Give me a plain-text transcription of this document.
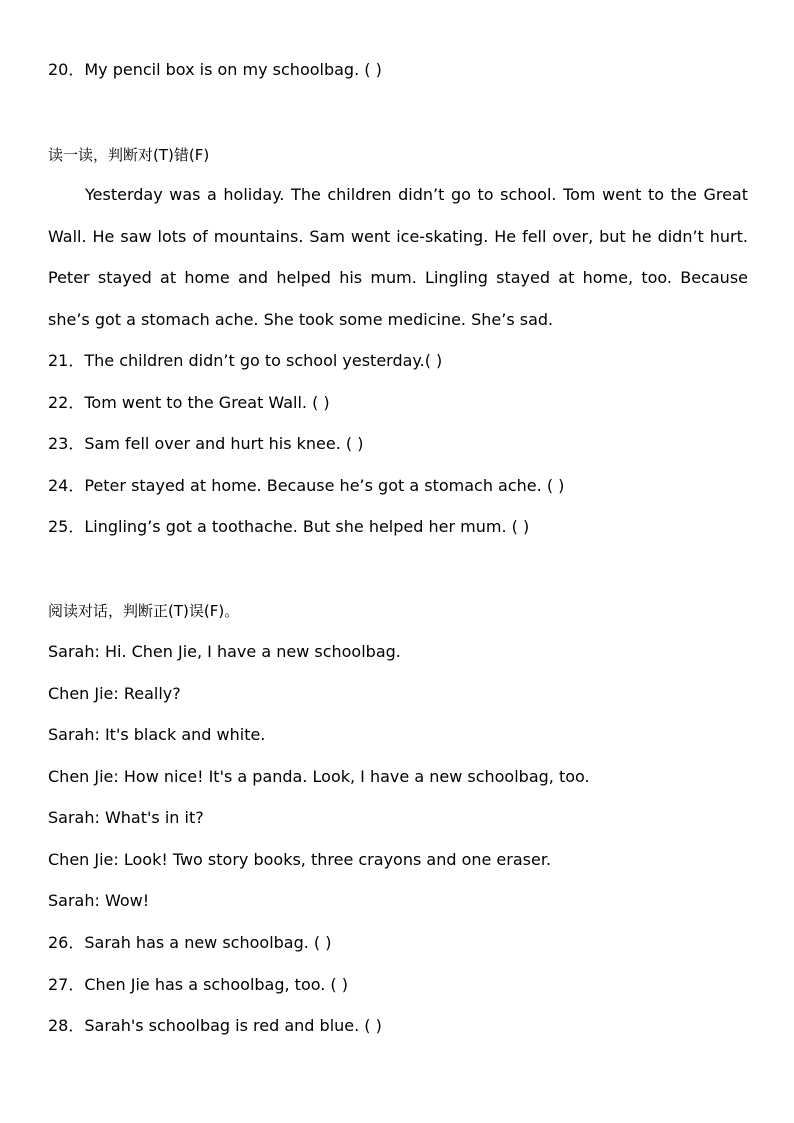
20．My pencil box is on my schoolbag. ( )
读一读，判断对(T)错(F)
Yesterday was a holiday. The children didn’t go to school. Tom went to the Great Wall. He saw lots of mountains. Sam went ice-skating. He fell over, but he didn’t hurt. Peter stayed at home and helped his mum. Lingling stayed at home, too. Because she’s got a stomach ache. She took some medicine. She’s sad.
21．The children didn’t go to school yesterday.( )
22．Tom went to the Great Wall. ( )
23．Sam fell over and hurt his knee. ( )
24．Peter stayed at home. Because he’s got a stomach ache. ( )
25．Lingling’s got a toothache. But she helped her mum. ( )
阅读对话，判断正(T)误(F)。
Sarah: Hi. Chen Jie, I have a new schoolbag.
Chen Jie: Really?
Sarah: It's black and white.
Chen Jie: How nice! It's a panda. Look, I have a new schoolbag, too.
Sarah: What's in it?
Chen Jie: Look! Two story books, three crayons and one eraser.
Sarah: Wow!
26．Sarah has a new schoolbag. ( )
27．Chen Jie has a schoolbag, too. ( )
28．Sarah's schoolbag is red and blue. ( )
